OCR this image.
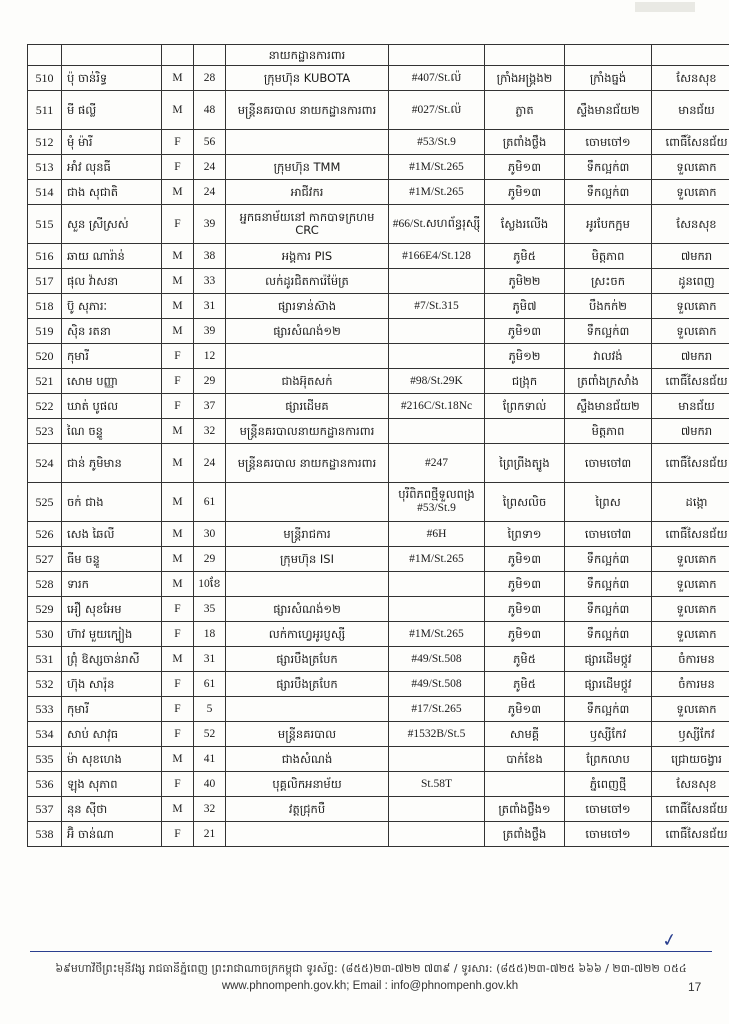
				នាយកដ្ឋានការពារ				
510	ប៉ុ ចាន់រិទ្ធ	M	28	ក្រុមហ៊ុន KUBOTA	#407/St.ល៉	ក្រាំងអង្គ្រង២	ក្រាំងធ្នង់	សែនសុខ
511	មី ផល្លី	M	48	មន្ត្រីនគរបាល នាយកដ្ឋានការពារ	#027/St.ល៉	ភ្លាត	ស្ទឹងមានជ័យ២	មានជ័យ
512	មុំ ម៉ារី	F	56		#53/St.9	ត្រពាំងថ្លឹង	ចោមចៅ១	ពោធិ៍សែនជ័យ
513	អាំវ លុនធី	F	24	ក្រុមហ៊ុន TMM	#1M/St.265	ភូមិ១៣	ទឹកល្អក់៣	ទួលគោក
514	ជាង សុជាតិ	M	24	អាជីវករ	#1M/St.265	ភូមិ១៣	ទឹកល្អក់៣	ទួលគោក
515	សួន ស្រីស្រស់	F	39	អ្នកធនាម័យនៅ កាកបាទក្រហម CRC	#66/St.សហព័ន្ធរុស្ស៊ី	ស្លែងរលើង	អូរបែកក្អម	សែនសុខ
516	ឆាយ ណារ៉ាន់	M	38	អង្គការ PIS	#166E4/St.128	ភូមិ៥	មិត្តភាព	៧មករា
517	ផុល វ៉ាសនា	M	33	លក់ដូរជិតការ៉េម៉ែត្រ		ភូមិ២២	ស្រះចក	ដូនពេញ
518	ប៊ូ សុភារៈ	M	31	ផ្សារទាន់ស៊ាង	#7/St.315	ភូមិ៧	បឹងកក់២	ទួលគោក
519	ស៊ិន រតនា	M	39	ផ្សារសំណង់១២		ភូមិ១៣	ទឹកល្អក់៣	ទួលគោក
520	កុមារី	F	12			ភូមិ១២	វាលវង់	៧មករា
521	សោម បញ្ញា	F	29	ជាងអ៊ុតសក់	#98/St.29K	ជង្រុក	ត្រពាំងក្រសាំង	ពោធិ៍សែនជ័យ
522	ឃាត់ បូផល	F	37	ផ្សារដើមគ	#216C/St.18Nc	ព្រែកទាល់	ស្ទឹងមានជ័យ២	មានជ័យ
523	ណៃ ចន្ទូ	M	32	មន្ត្រីនគរបាលនាយកដ្ឋានការពារ			មិត្តភាព	៧មករា
524	ជាន់ ភូមិមាន	M	24	មន្ត្រីនគរបាល នាយកដ្ឋានការពារ	#247	ព្រៃព្រីងត្បូង	ចោមចៅ៣	ពោធិ៍សែនជ័យ
525	ចក់ ជាង	M	61		បុរីពិភពថ្មីទួលពង្រ #53/St.9	ព្រៃសលិច	ព្រៃស	ដង្កោ
526	សេង ឆៃលី	M	30	មន្ត្រីរាជការ	#6H	ព្រៃទា១	ចោមចៅ៣	ពោធិ៍សែនជ័យ
527	ធីម ចន្ទូ	M	29	ក្រុមហ៊ុន ISI	#1M/St.265	ភូមិ១៣	ទឹកល្អក់៣	ទួលគោក
528	ទារក	M	10ខែ			ភូមិ១៣	ទឹកល្អក់៣	ទួលគោក
529	អឿ សុខអែម	F	35	ផ្សារសំណង់១២		ភូមិ១៣	ទឹកល្អក់៣	ទួលគោក
530	ហ៊ាវ មួយក្បៀង	F	18	លក់កាហ្វេអូរប្ញស្សី	#1M/St.265	ភូមិ១៣	ទឹកល្អក់៣	ទួលគោក
531	ព្រុំ ឱស្សចាន់រាសី	M	31	ផ្សារបឹងត្របែក	#49/St.508	ភូមិ៥	ផ្សារដើមថ្កូវ	ចំការមន
532	ហ៊ុង សារ៉ុន	F	61	ផ្សារបឹងត្របែក	#49/St.508	ភូមិ៥	ផ្សារដើមថ្កូវ	ចំការមន
533	កុមារី	F	5		#17/St.265	ភូមិ១៣	ទឹកល្អក់៣	ទួលគោក
534	សាប់ សាវុធ	F	52	មន្ត្រីនគរបាល	#1532B/St.5	សាមគ្គី	ឫស្សីកែវ	ឫស្សីកែវ
535	ម៉ា សុខហេង	M	41	ជាងសំណង់		បាក់ខែង	ព្រែកលាប	ជ្រោយចង្វារ
536	ឡុង សុភាព	F	40	បុគ្គលិកអនាម័យ	St.58T		ភ្នំពេញថ្មី	សែនសុខ
537	នុន ស៊ីថា	M	32	វត្តជ្រុកបឺ		ត្រពាំងថ្លឹង១	ចោមចៅ១	ពោធិ៍សែនជ័យ
538	អ៊ិ ចាន់ណា	F	21			ត្រពាំងថ្លឹង	ចោមចៅ១	ពោធិ៍សែនជ័យ
✓
៦៩មហាវិថីព្រះមុនីវង្ស រាជធានីភ្នំពេញ ព្រះរាជាណាចក្រកម្ពុជា ទូរស័ព្ទ: (៨៥៥)២៣-៧២២ ៧៣៩ / ទូរសារ: (៨៥៥)២៣-៧២៥ ៦៦៦ / ២៣-៧២២ ០៥៤
www.phnompenh.gov.kh; Email : info@phnompenh.gov.kh	17
